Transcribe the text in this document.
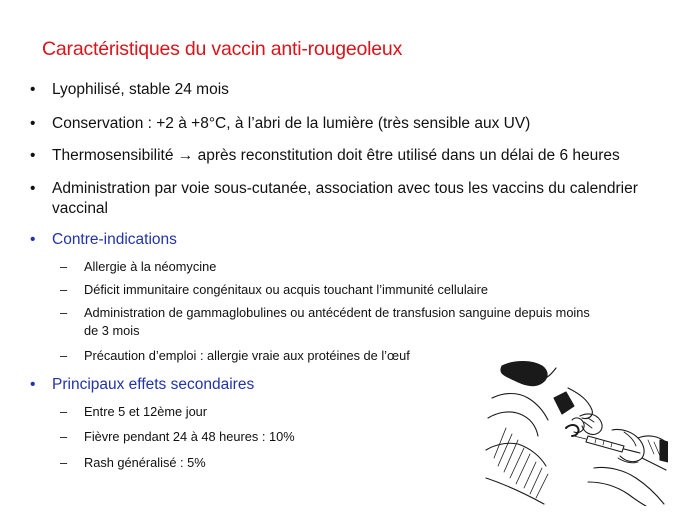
Caractéristiques du vaccin anti-rougeoleux
• Lyophilisé, stable 24 mois
• Conservation : +2 à +8°C, à l’abri de la lumière (très sensible aux UV)
• Thermosensibilité → après reconstitution doit être utilisé dans un délai de 6 heures
• Administration par voie sous-cutanée, association avec tous les vaccins du calendrier
vaccinal
• Contre-indications
– Allergie à la néomycine
– Déficit immunitaire congénitaux ou acquis touchant l’immunité cellulaire
– Administration de gammaglobulines ou antécédent de transfusion sanguine depuis moins
de 3 mois
– Précaution d’emploi : allergie vraie aux protéines de l’œuf
• Principaux effets secondaires
– Entre 5 et 12ème jour
– Fièvre pendant 24 à 48 heures : 10%
– Rash généralisé : 5%
